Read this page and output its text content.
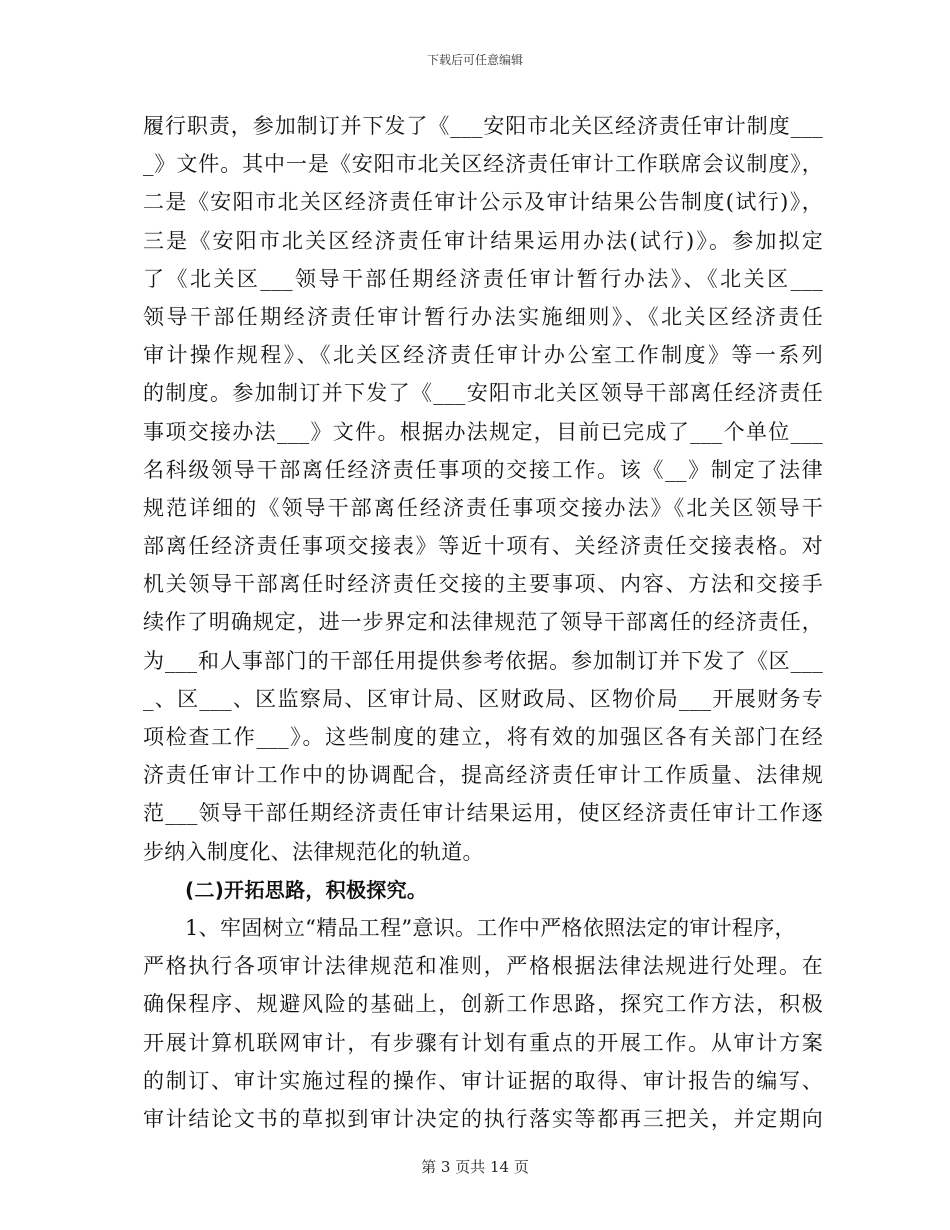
下载后可任意编辑
履行职责，参加制订并下发了《___安阳市北关区经济责任审计制度___
_》文件。其中一是《安阳市北关区经济责任审计工作联席会议制度》，
二是《安阳市北关区经济责任审计公示及审计结果公告制度(试行)》，
三是《安阳市北关区经济责任审计结果运用办法(试行)》。参加拟定
了《北关区___领导干部任期经济责任审计暂行办法》、《北关区___
领导干部任期经济责任审计暂行办法实施细则》、《北关区经济责任
审计操作规程》、《北关区经济责任审计办公室工作制度》等一系列
的制度。参加制订并下发了《___安阳市北关区领导干部离任经济责任
事项交接办法___》文件。根据办法规定，目前已完成了___个单位___
名科级领导干部离任经济责任事项的交接工作。该《__》制定了法律
规范详细的《领导干部离任经济责任事项交接办法》《北关区领导干
部离任经济责任事项交接表》等近十项有、关经济责任交接表格。对
机关领导干部离任时经济责任交接的主要事项、内容、方法和交接手
续作了明确规定，进一步界定和法律规范了领导干部离任的经济责任，
为___和人事部门的干部任用提供参考依据。参加制订并下发了《区___
_、区___、区监察局、区审计局、区财政局、区物价局___开展财务专
项检查工作___》。这些制度的建立，将有效的加强区各有关部门在经
济责任审计工作中的协调配合，提高经济责任审计工作质量、法律规
范___领导干部任期经济责任审计结果运用，使区经济责任审计工作逐
步纳入制度化、法律规范化的轨道。
(二)开拓思路，积极探究。
1、牢固树立“精品工程”意识。工作中严格依照法定的审计程序，
严格执行各项审计法律规范和准则，严格根据法律法规进行处理。在
确保程序、规避风险的基础上，创新工作思路，探究工作方法，积极
开展计算机联网审计，有步骤有计划有重点的开展工作。从审计方案
的制订、审计实施过程的操作、审计证据的取得、审计报告的编写、
审计结论文书的草拟到审计决定的执行落实等都再三把关，并定期向
第 3 页共 14 页
